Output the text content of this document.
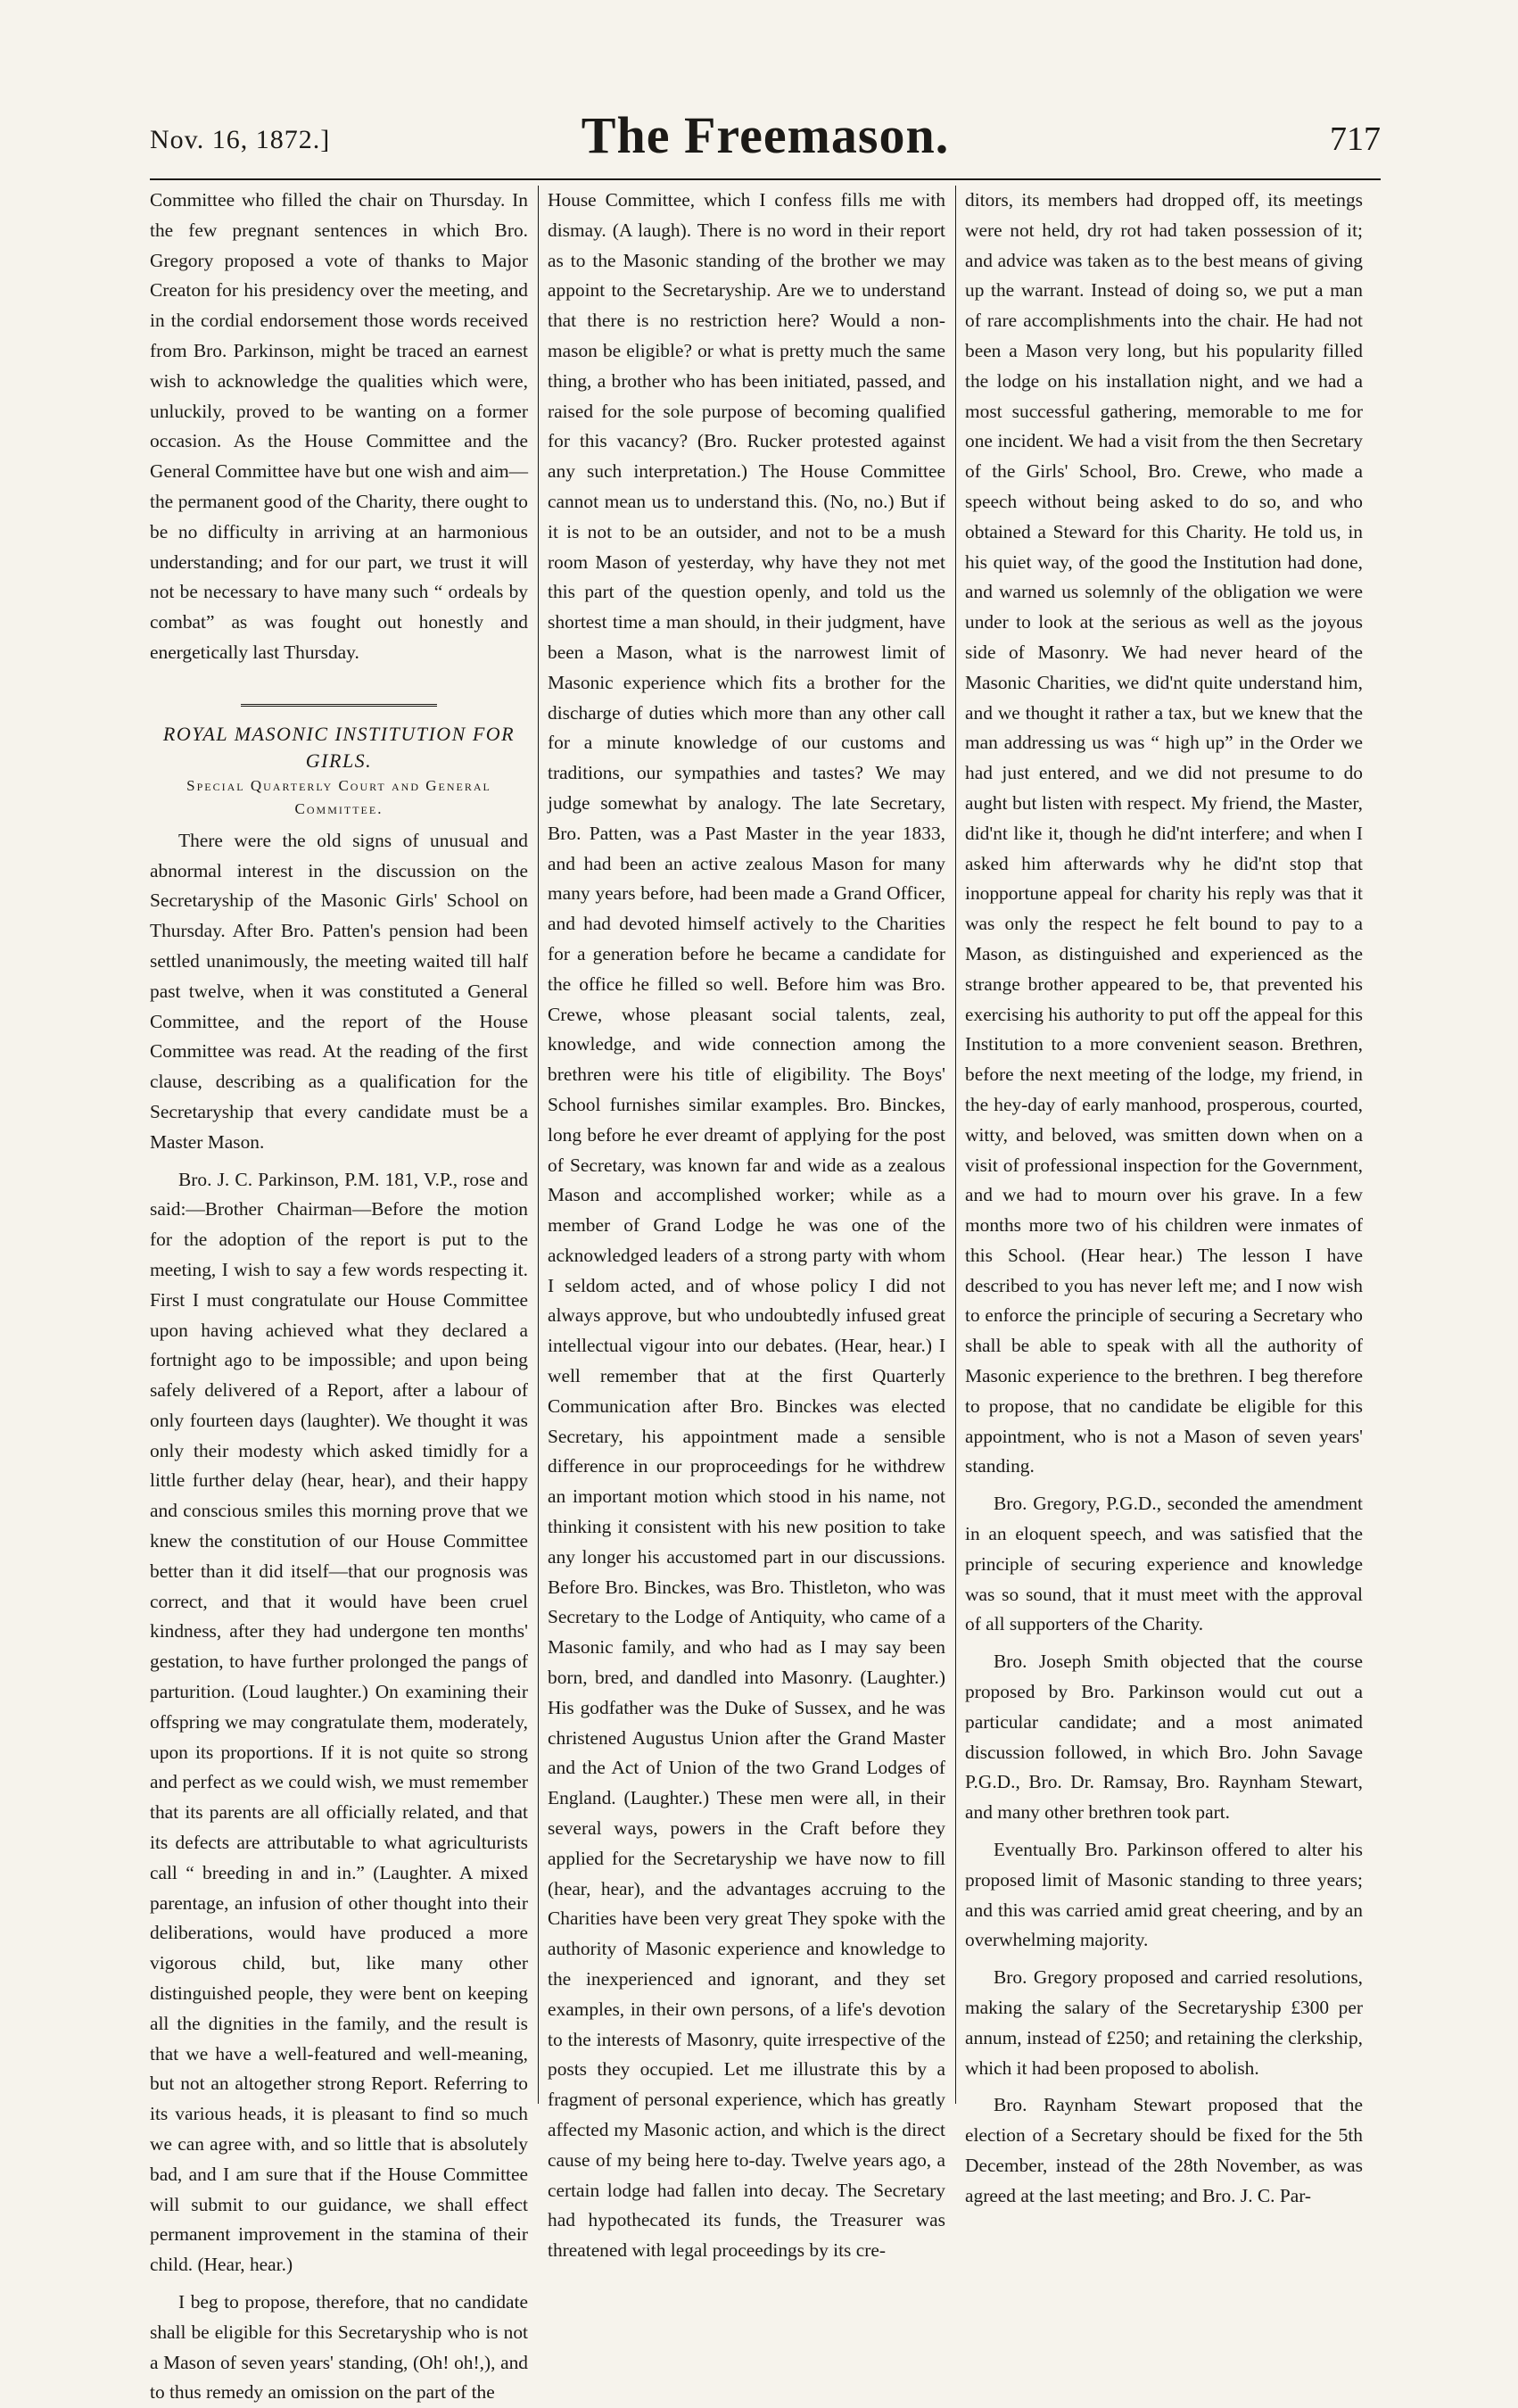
The Freemason.
Nov. 16, 1872.]	717

Committee who filled the chair on Thursday. In the few pregnant sentences in which Bro. Gregory proposed a vote of thanks to Major Creaton for his presidency over the meeting, and in the cordial endorsement those words received from Bro. Parkinson, might be traced an earnest wish to acknowledge the qualities which were, unluckily, proved to be wanting on a former occasion. As the House Committee and the General Committee have but one wish and aim—the permanent good of the Charity, there ought to be no difficulty in arriving at an harmonious understanding; and for our part, we trust it will not be necessary to have many such “ ordeals by combat” as was fought out honestly and energetically last Thursday.

ROYAL MASONIC INSTITUTION FOR GIRLS.
Special Quarterly Court and General Committee.

There were the old signs of unusual and abnormal interest in the discussion on the Secretaryship of the Masonic Girls' School on Thursday. After Bro. Patten's pension had been settled unanimously, the meeting waited till half past twelve, when it was constituted a General Committee, and the report of the House Committee was read. At the reading of the first clause, describing as a qualification for the Secretaryship that every candidate must be a Master Mason.

Bro. J. C. Parkinson, P.M. 181, V.P., rose and said:—Brother Chairman—Before the motion for the adoption of the report is put to the meeting, I wish to say a few words respecting it. First I must congratulate our House Committee upon having achieved what they declared a fortnight ago to be impossible; and upon being safely delivered of a Report, after a labour of only fourteen days (laughter). We thought it was only their modesty which asked timidly for a little further delay (hear, hear), and their happy and conscious smiles this morning prove that we knew the constitution of our House Committee better than it did itself—that our prognosis was correct, and that it would have been cruel kindness, after they had undergone ten months' gestation, to have further prolonged the pangs of parturition. (Loud laughter.) On examining their offspring we may congratulate them, moderately, upon its proportions. If it is not quite so strong and perfect as we could wish, we must remember that its parents are all officially related, and that its defects are attributable to what agriculturists call “ breeding in and in.” (Laughter. A mixed parentage, an infusion of other thought into their deliberations, would have produced a more vigorous child, but, like many other distinguished people, they were bent on keeping all the dignities in the family, and the result is that we have a well-featured and well-meaning, but not an altogether strong Report. Referring to its various heads, it is pleasant to find so much we can agree with, and so little that is absolutely bad, and I am sure that if the House Committee will submit to our guidance, we shall effect permanent improvement in the stamina of their child. (Hear, hear.)

I beg to propose, therefore, that no candidate shall be eligible for this Secretaryship who is not a Mason of seven years' standing, (Oh! oh!,), and to thus remedy an omission on the part of the

House Committee, which I confess fills me with dismay. (A laugh). There is no word in their report as to the Masonic standing of the brother we may appoint to the Secretaryship. Are we to understand that there is no restriction here? Would a non-mason be eligible? or what is pretty much the same thing, a brother who has been initiated, passed, and raised for the sole purpose of becoming qualified for this vacancy? (Bro. Rucker protested against any such interpretation.) The House Committee cannot mean us to understand this. (No, no.) But if it is not to be an outsider, and not to be a mush room Mason of yesterday, why have they not met this part of the question openly, and told us the shortest time a man should, in their judgment, have been a Mason, what is the narrowest limit of Masonic experience which fits a brother for the discharge of duties which more than any other call for a minute knowledge of our customs and traditions, our sympathies and tastes? We may judge somewhat by analogy. The late Secretary, Bro. Patten, was a Past Master in the year 1833, and had been an active zealous Mason for many many years before, had been made a Grand Officer, and had devoted himself actively to the Charities for a generation before he became a candidate for the office he filled so well. Before him was Bro. Crewe, whose pleasant social talents, zeal, knowledge, and wide connection among the brethren were his title of eligibility. The Boys' School furnishes similar examples. Bro. Binckes, long before he ever dreamt of applying for the post of Secretary, was known far and wide as a zealous Mason and accomplished worker; while as a member of Grand Lodge he was one of the acknowledged leaders of a strong party with whom I seldom acted, and of whose policy I did not always approve, but who undoubtedly infused great intellectual vigour into our debates. (Hear, hear.) I well remember that at the first Quarterly Communication after Bro. Binckes was elected Secretary, his appointment made a sensible difference in our proproceedings for he withdrew an important motion which stood in his name, not thinking it consistent with his new position to take any longer his accustomed part in our discussions. Before Bro. Binckes, was Bro. Thistleton, who was Secretary to the Lodge of Antiquity, who came of a Masonic family, and who had as I may say been born, bred, and dandled into Masonry. (Laughter.) His godfather was the Duke of Sussex, and he was christened Augustus Union after the Grand Master and the Act of Union of the two Grand Lodges of England. (Laughter.) These men were all, in their several ways, powers in the Craft before they applied for the Secretaryship we have now to fill (hear, hear), and the advantages accruing to the Charities have been very great They spoke with the authority of Masonic experience and knowledge to the inexperienced and ignorant, and they set examples, in their own persons, of a life's devotion to the interests of Masonry, quite irrespective of the posts they occupied. Let me illustrate this by a fragment of personal experience, which has greatly affected my Masonic action, and which is the direct cause of my being here to-day. Twelve years ago, a certain lodge had fallen into decay. The Secretary had hypothecated its funds, the Treasurer was threatened with legal proceedings by its cre-

ditors, its members had dropped off, its meetings were not held, dry rot had taken possession of it; and advice was taken as to the best means of giving up the warrant. Instead of doing so, we put a man of rare accomplishments into the chair. He had not been a Mason very long, but his popularity filled the lodge on his installation night, and we had a most successful gathering, memorable to me for one incident. We had a visit from the then Secretary of the Girls' School, Bro. Crewe, who made a speech without being asked to do so, and who obtained a Steward for this Charity. He told us, in his quiet way, of the good the Institution had done, and warned us solemnly of the obligation we were under to look at the serious as well as the joyous side of Masonry. We had never heard of the Masonic Charities, we did'nt quite understand him, and we thought it rather a tax, but we knew that the man addressing us was “ high up” in the Order we had just entered, and we did not presume to do aught but listen with respect. My friend, the Master, did'nt like it, though he did'nt interfere; and when I asked him afterwards why he did'nt stop that inopportune appeal for charity his reply was that it was only the respect he felt bound to pay to a Mason, as distinguished and experienced as the strange brother appeared to be, that prevented his exercising his authority to put off the appeal for this Institution to a more convenient season. Brethren, before the next meeting of the lodge, my friend, in the hey-day of early manhood, prosperous, courted, witty, and beloved, was smitten down when on a visit of professional inspection for the Government, and we had to mourn over his grave. In a few months more two of his children were inmates of this School. (Hear hear.) The lesson I have described to you has never left me; and I now wish to enforce the principle of securing a Secretary who shall be able to speak with all the authority of Masonic experience to the brethren. I beg therefore to propose, that no candidate be eligible for this appointment, who is not a Mason of seven years' standing.

Bro. Gregory, P.G.D., seconded the amendment in an eloquent speech, and was satisfied that the principle of securing experience and knowledge was so sound, that it must meet with the approval of all supporters of the Charity.

Bro. Joseph Smith objected that the course proposed by Bro. Parkinson would cut out a particular candidate; and a most animated discussion followed, in which Bro. John Savage P.G.D., Bro. Dr. Ramsay, Bro. Raynham Stewart, and many other brethren took part.

Eventually Bro. Parkinson offered to alter his proposed limit of Masonic standing to three years; and this was carried amid great cheering, and by an overwhelming majority.

Bro. Gregory proposed and carried resolutions, making the salary of the Secretaryship £300 per annum, instead of £250; and retaining the clerkship, which it had been proposed to abolish.

Bro. Raynham Stewart proposed that the election of a Secretary should be fixed for the 5th December, instead of the 28th November, as was agreed at the last meeting; and Bro. J. C. Par-
